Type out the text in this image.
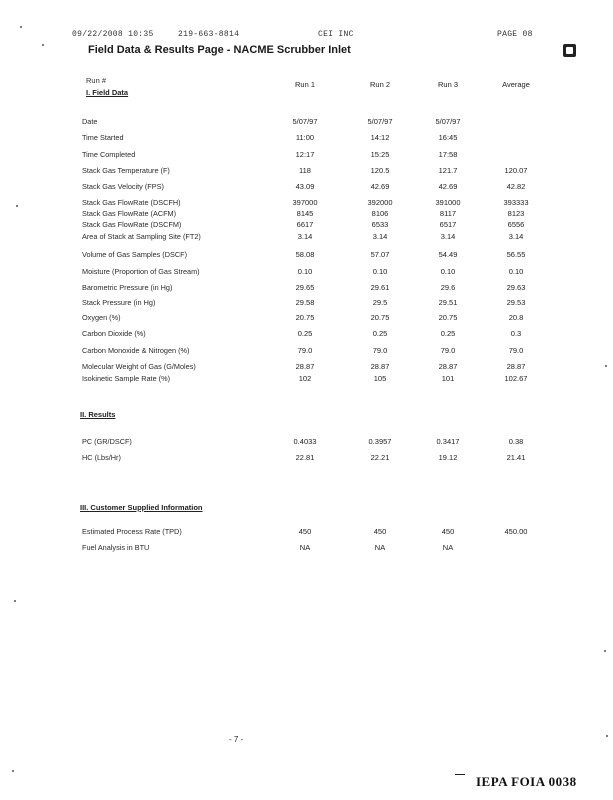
09/22/2008 10:35	219-663-8814	CEI INC	PAGE 08
Field Data & Results Page - NACME Scrubber Inlet
Run #	Run 1	Run 2	Run 3	Average
I. Field Data
Date	5/07/97	5/07/97	5/07/97
Time Started	11:00	14:12	16:45
Time Completed	12:17	15:25	17:58
Stack Gas Temperature (F)	118	120.5	121.7	120.07
Stack Gas Velocity (FPS)	43.09	42.69	42.69	42.82
Stack Gas FlowRate (DSCFH)	397000	392000	391000	393333
Stack Gas FlowRate (ACFM)	8145	8106	8117	8123
Stack Gas FlowRate (DSCFM)	6617	6533	6517	6556
Area of Stack at Sampling Site (FT2)	3.14	3.14	3.14	3.14
Volume of Gas Samples (DSCF)	58.08	57.07	54.49	56.55
Moisture (Proportion of Gas Stream)	0.10	0.10	0.10	0.10
Barometric Pressure (in Hg)	29.65	29.61	29.6	29.63
Stack Pressure (in Hg)	29.58	29.5	29.51	29.53
Oxygen (%)	20.75	20.75	20.75	20.8
Carbon Dioxide (%)	0.25	0.25	0.25	0.3
Carbon Monoxide & Nitrogen (%)	79.0	79.0	79.0	79.0
Molecular Weight of Gas (G/Moles)	28.87	28.87	28.87	28.87
Isokinetic Sample Rate (%)	102	105	101	102.67
II. Results
PC (GR/DSCF)	0.4033	0.3957	0.3417	0.38
HC (Lbs/Hr)	22.81	22.21	19.12	21.41
III. Customer Supplied Information
Estimated Process Rate (TPD)	450	450	450	450.00
Fuel Analysis in BTU	NA	NA	NA
- 7 -
IEPA FOIA 0038
